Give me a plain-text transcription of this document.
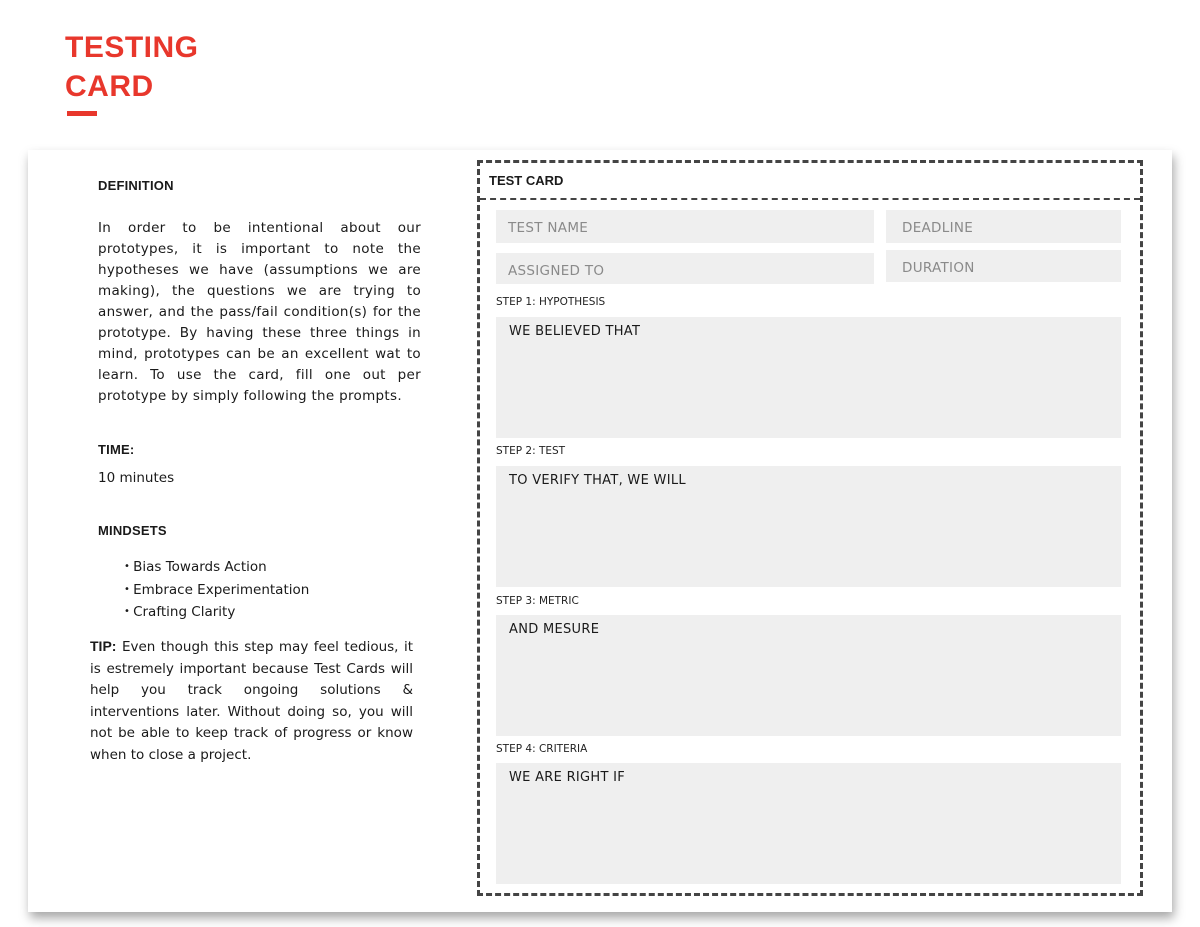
TESTING
CARD
DEFINITION

In order to be intentional about our prototypes, it is important to note the hypotheses we have (assumptions we are making), the questions we are trying to answer, and the pass/fail condition(s) for the prototype. By having these three things in mind, prototypes can be an excellent wat to learn. To use the card, fill one out per prototype by simply following the prompts.

TIME:

10 minutes

MINDSETS
• Bias Towards Action
• Embrace Experimentation
• Crafting Clarity

TIP: Even though this step may feel tedious, it is estremely important because Test Cards will help you track ongoing solutions & interventions later. Without doing so, you will not be able to keep track of progress or know when to close a project.

TEST CARD
TEST NAME	DEADLINE
ASSIGNED TO	DURATION
STEP 1: HYPOTHESIS
WE BELIEVED THAT
STEP 2: TEST
TO VERIFY THAT, WE WILL
STEP 3: METRIC
AND MESURE
STEP 4: CRITERIA
WE ARE RIGHT IF
